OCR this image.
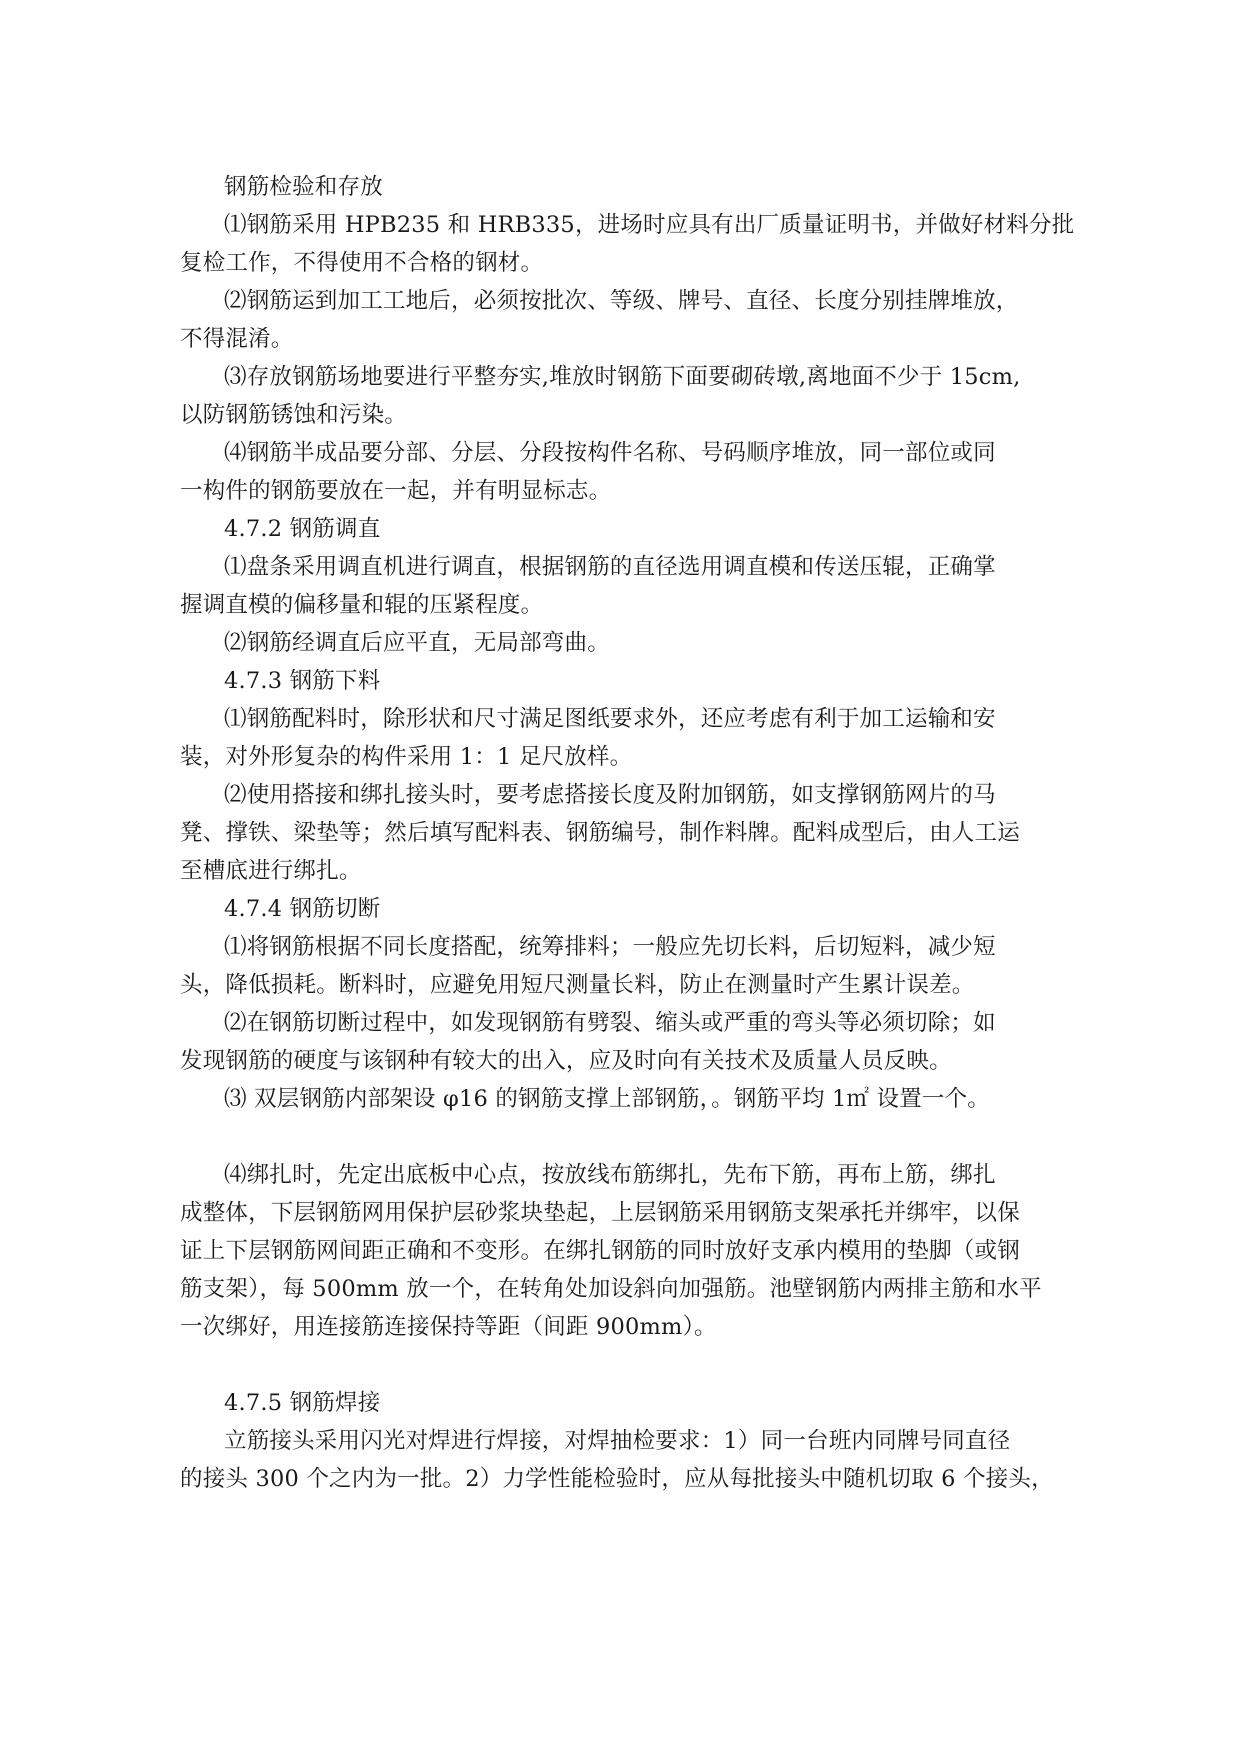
钢筋检验和存放

⑴钢筋采用 HPB235 和 HRB335，进场时应具有出厂质量证明书，并做好材料分批

复检工作，不得使用不合格的钢材。

⑵钢筋运到加工工地后，必须按批次、等级、牌号、直径、长度分别挂牌堆放，

不得混淆。

⑶存放钢筋场地要进行平整夯实,堆放时钢筋下面要砌砖墩,离地面不少于 15cm,

以防钢筋锈蚀和污染。

⑷钢筋半成品要分部、分层、分段按构件名称、号码顺序堆放，同一部位或同

一构件的钢筋要放在一起，并有明显标志。

4.7.2 钢筋调直

⑴盘条采用调直机进行调直，根据钢筋的直径选用调直模和传送压辊，正确掌

握调直模的偏移量和辊的压紧程度。

⑵钢筋经调直后应平直，无局部弯曲。

4.7.3 钢筋下料

⑴钢筋配料时，除形状和尺寸满足图纸要求外，还应考虑有利于加工运输和安

装，对外形复杂的构件采用 1：1 足尺放样。

⑵使用搭接和绑扎接头时，要考虑搭接长度及附加钢筋，如支撑钢筋网片的马

凳、撑铁、梁垫等；然后填写配料表、钢筋编号，制作料牌。配料成型后，由人工运

至槽底进行绑扎。

4.7.4 钢筋切断

⑴将钢筋根据不同长度搭配，统筹排料；一般应先切长料，后切短料，减少短

头，降低损耗。断料时，应避免用短尺测量长料，防止在测量时产生累计误差。

⑵在钢筋切断过程中，如发现钢筋有劈裂、缩头或严重的弯头等必须切除；如

发现钢筋的硬度与该钢种有较大的出入，应及时向有关技术及质量人员反映。

⑶ 双层钢筋内部架设 φ16 的钢筋支撑上部钢筋，。钢筋平均 1㎡ 设置一个。

⑷绑扎时，先定出底板中心点，按放线布筋绑扎，先布下筋，再布上筋，绑扎

成整体，下层钢筋网用保护层砂浆块垫起，上层钢筋采用钢筋支架承托并绑牢，以保

证上下层钢筋网间距正确和不变形。在绑扎钢筋的同时放好支承内模用的垫脚（或钢

筋支架），每 500mm 放一个，在转角处加设斜向加强筋。池壁钢筋内两排主筋和水平

一次绑好，用连接筋连接保持等距（间距 900mm）。

4.7.5 钢筋焊接

立筋接头采用闪光对焊进行焊接，对焊抽检要求：1）同一台班内同牌号同直径

的接头 300 个之内为一批。2）力学性能检验时，应从每批接头中随机切取 6 个接头，
